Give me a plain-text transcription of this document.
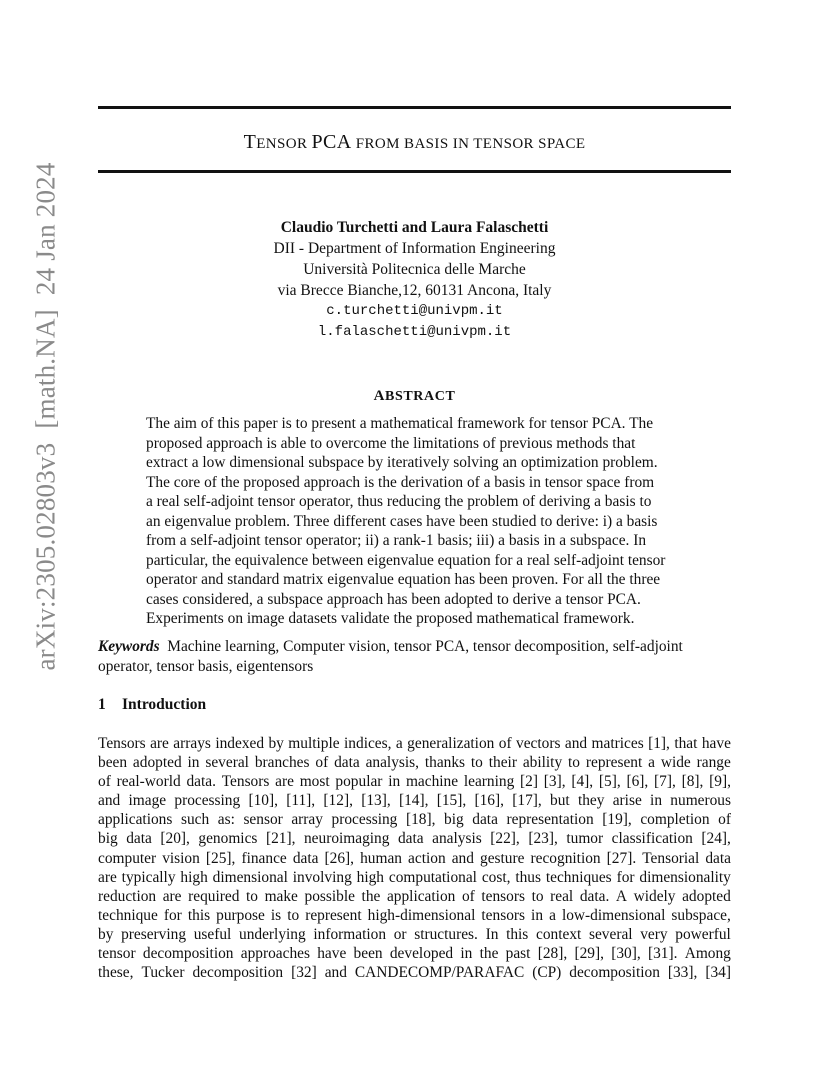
arXiv:2305.02803v3[math.NA]24 Jan 2024
TENSOR PCA FROM BASIS IN TENSOR SPACE
Claudio Turchetti and Laura Falaschetti
DII - Department of Information Engineering
Università Politecnica delle Marche
via Brecce Bianche,12, 60131 Ancona, Italy
c.turchetti@univpm.it
l.falaschetti@univpm.it
ABSTRACT
The aim of this paper is to present a mathematical framework for tensor PCA. The
proposed approach is able to overcome the limitations of previous methods that
extract a low dimensional subspace by iteratively solving an optimization problem.
The core of the proposed approach is the derivation of a basis in tensor space from
a real self-adjoint tensor operator, thus reducing the problem of deriving a basis to
an eigenvalue problem. Three different cases have been studied to derive: i) a basis
from a self-adjoint tensor operator; ii) a rank-1 basis; iii) a basis in a subspace. In
particular, the equivalence between eigenvalue equation for a real self-adjoint tensor
operator and standard matrix eigenvalue equation has been proven. For all the three
cases considered, a subspace approach has been adopted to derive a tensor PCA.
Experiments on image datasets validate the proposed mathematical framework.
Keywords Machine learning, Computer vision, tensor PCA, tensor decomposition, self-adjoint
operator, tensor basis, eigentensors
1 Introduction
Tensors are arrays indexed by multiple indices, a generalization of vectors and matrices [1], that have
been adopted in several branches of data analysis, thanks to their ability to represent a wide range
of real-world data. Tensors are most popular in machine learning [2] [3], [4], [5], [6], [7], [8], [9],
and image processing [10], [11], [12], [13], [14], [15], [16], [17], but they arise in numerous
applications such as: sensor array processing [18], big data representation [19], completion of
big data [20], genomics [21], neuroimaging data analysis [22], [23], tumor classification [24],
computer vision [25], finance data [26], human action and gesture recognition [27]. Tensorial data
are typically high dimensional involving high computational cost, thus techniques for dimensionality
reduction are required to make possible the application of tensors to real data. A widely adopted
technique for this purpose is to represent high-dimensional tensors in a low-dimensional subspace,
by preserving useful underlying information or structures. In this context several very powerful
tensor decomposition approaches have been developed in the past [28], [29], [30], [31]. Among
these, Tucker decomposition [32] and CANDECOMP/PARAFAC (CP) decomposition [33], [34]
